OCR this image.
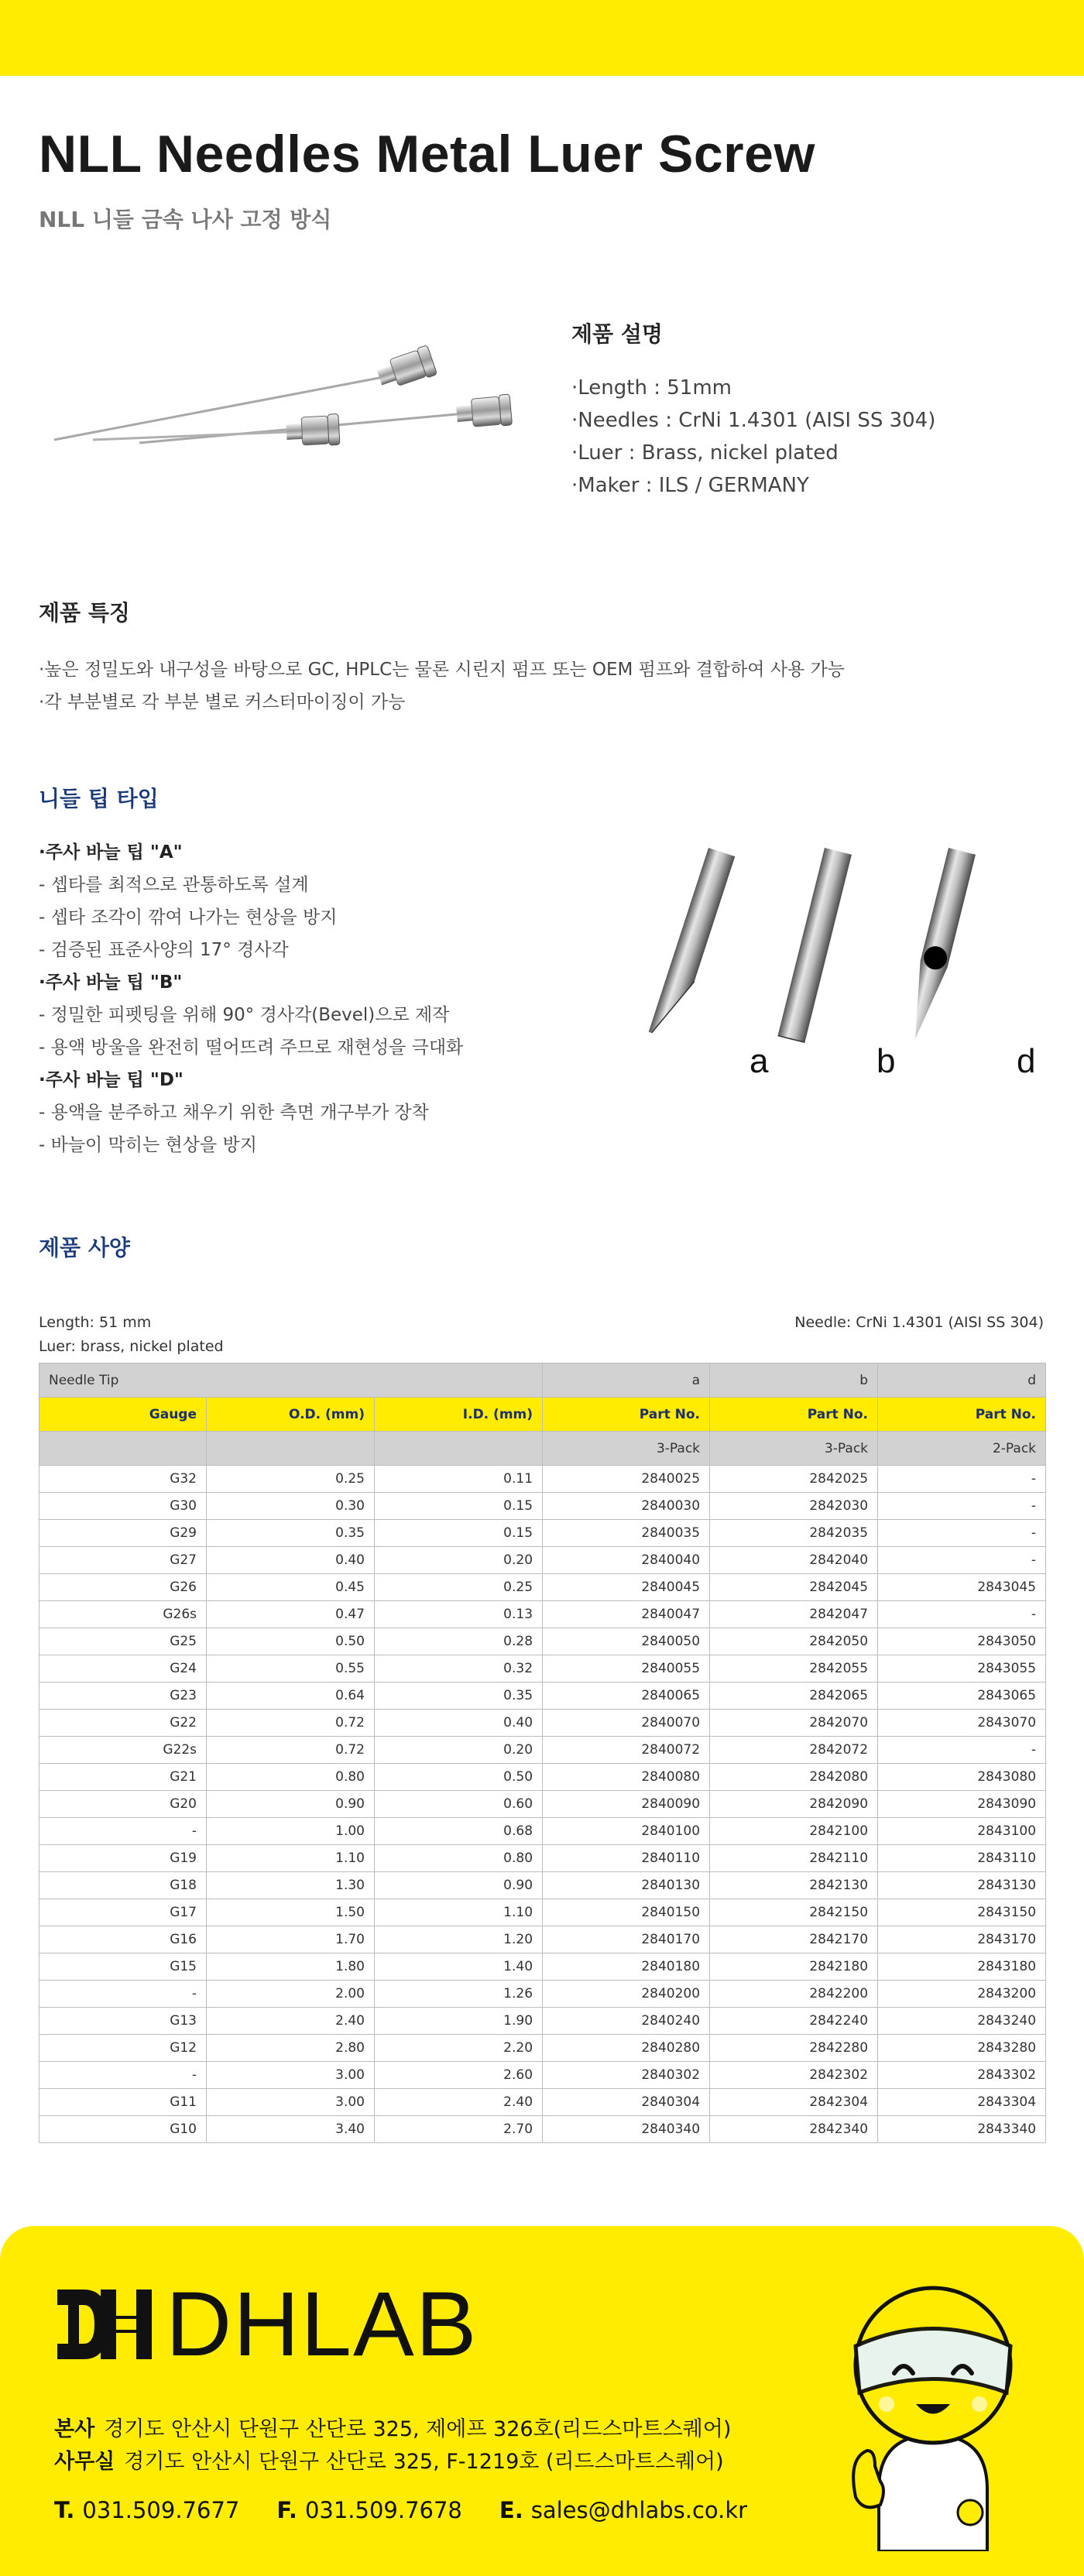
NLL Needles Metal Luer Screw
NLL 니들 금속 나사 고정 방식
제품 설명
·Length : 51mm
·Needles : CrNi 1.4301 (AISI SS 304)
·Luer : Brass, nickel plated
·Maker : ILS / GERMANY
제품 특징
·높은 정밀도와 내구성을 바탕으로 GC, HPLC는 물론 시린지 펌프 또는 OEM 펌프와 결합하여 사용 가능
·각 부분별로 각 부분 별로 커스터마이징이 가능
니들 팁 타입
·주사 바늘 팁 "A"
- 셉타를 최적으로 관통하도록 설계
- 셉타 조각이 깎여 나가는 현상을 방지
- 검증된 표준사양의 17° 경사각
·주사 바늘 팁 "B"
- 정밀한 피펫팅을 위해 90° 경사각(Bevel)으로 제작
- 용액 방울을 완전히 떨어뜨려 주므로 재현성을 극대화
·주사 바늘 팁 "D"
- 용액을 분주하고 채우기 위한 측면 개구부가 장착
- 바늘이 막히는 현상을 방지
a	b	d
제품 사양
Length: 51 mm
Luer: brass, nickel plated
Needle: CrNi 1.4301 (AISI SS 304)
Needle Tip			a	b	d
Gauge	O.D. (mm)	I.D. (mm)	Part No.	Part No.	Part No.
			3-Pack	3-Pack	2-Pack
G32	0.25	0.11	2840025	2842025	-
G30	0.30	0.15	2840030	2842030	-
G29	0.35	0.15	2840035	2842035	-
G27	0.40	0.20	2840040	2842040	-
G26	0.45	0.25	2840045	2842045	2843045
G26s	0.47	0.13	2840047	2842047	-
G25	0.50	0.28	2840050	2842050	2843050
G24	0.55	0.32	2840055	2842055	2843055
G23	0.64	0.35	2840065	2842065	2843065
G22	0.72	0.40	2840070	2842070	2843070
G22s	0.72	0.20	2840072	2842072	-
G21	0.80	0.50	2840080	2842080	2843080
G20	0.90	0.60	2840090	2842090	2843090
-	1.00	0.68	2840100	2842100	2843100
G19	1.10	0.80	2840110	2842110	2843110
G18	1.30	0.90	2840130	2842130	2843130
G17	1.50	1.10	2840150	2842150	2843150
G16	1.70	1.20	2840170	2842170	2843170
G15	1.80	1.40	2840180	2842180	2843180
-	2.00	1.26	2840200	2842200	2843200
G13	2.40	1.90	2840240	2842240	2843240
G12	2.80	2.20	2840280	2842280	2843280
-	3.00	2.60	2840302	2842302	2843302
G11	3.00	2.40	2840304	2842304	2843304
G10	3.40	2.70	2840340	2842340	2843340
DHLAB
본사 경기도 안산시 단원구 산단로 325, 제에프 326호(리드스마트스퀘어)
사무실 경기도 안산시 단원구 산단로 325, F-1219호 (리드스마트스퀘어)
T. 031.509.7677 F. 031.509.7678 E. sales@dhlabs.co.kr
